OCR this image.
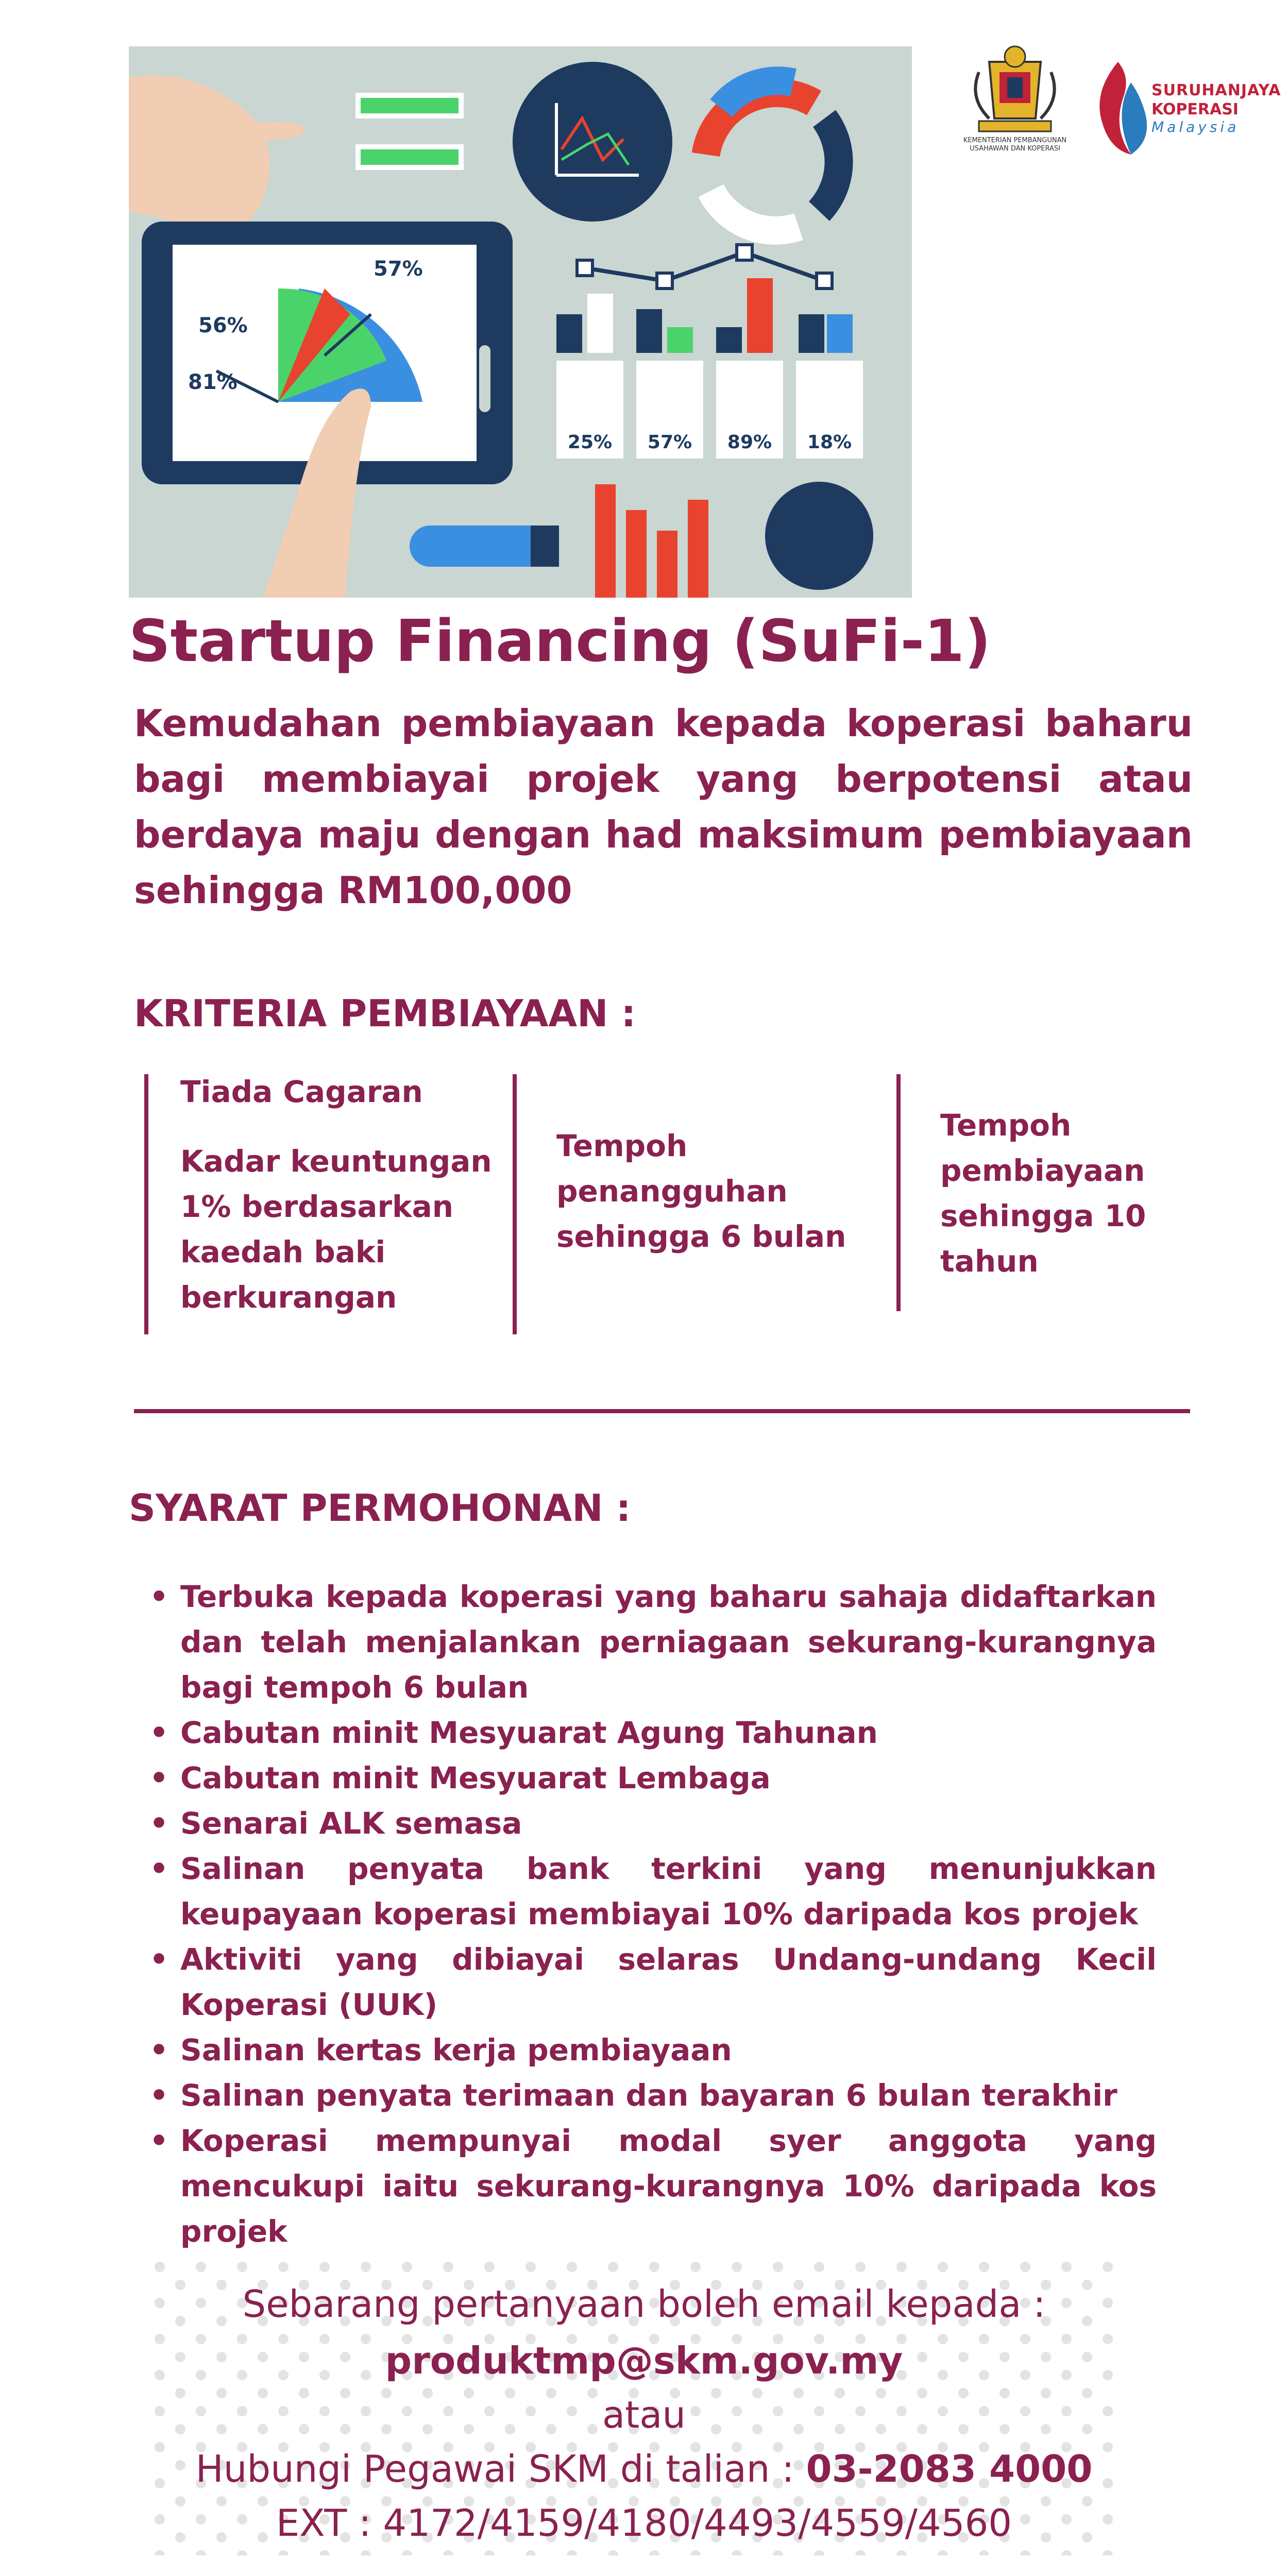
57%
56%
81%
25% 57% 89% 18%
KEMENTERIAN PEMBANGUNAN USAHAWAN DAN KOPERASI
SURUHANJAYA
KOPERASI
Malaysia
Startup Financing (SuFi-1)
Kemudahan pembiayaan kepada koperasi baharu bagi membiayai projek yang berpotensi atau berdaya maju dengan had maksimum pembiayaan sehingga RM100,000
KRITERIA PEMBIAYAAN :
Tiada Cagaran
Kadar keuntungan 1% berdasarkan kaedah baki berkurangan
Tempoh penangguhan sehingga 6 bulan
Tempoh pembiayaan sehingga 10 tahun
SYARAT PERMOHONAN :
• Terbuka kepada koperasi yang baharu sahaja didaftarkan dan telah menjalankan perniagaan sekurang-kurangnya bagi tempoh 6 bulan
• Cabutan minit Mesyuarat Agung Tahunan
• Cabutan minit Mesyuarat Lembaga
• Senarai ALK semasa
• Salinan penyata bank terkini yang menunjukkan keupayaan koperasi membiayai 10% daripada kos projek
• Aktiviti yang dibiayai selaras Undang-undang Kecil Koperasi (UUK)
• Salinan kertas kerja pembiayaan
• Salinan penyata terimaan dan bayaran 6 bulan terakhir
• Koperasi mempunyai modal syer anggota yang mencukupi iaitu sekurang-kurangnya 10% daripada kos projek
Sebarang pertanyaan boleh email kepada :
produktmp@skm.gov.my
atau
Hubungi Pegawai SKM di talian : 03-2083 4000
EXT : 4172/4159/4180/4493/4559/4560
